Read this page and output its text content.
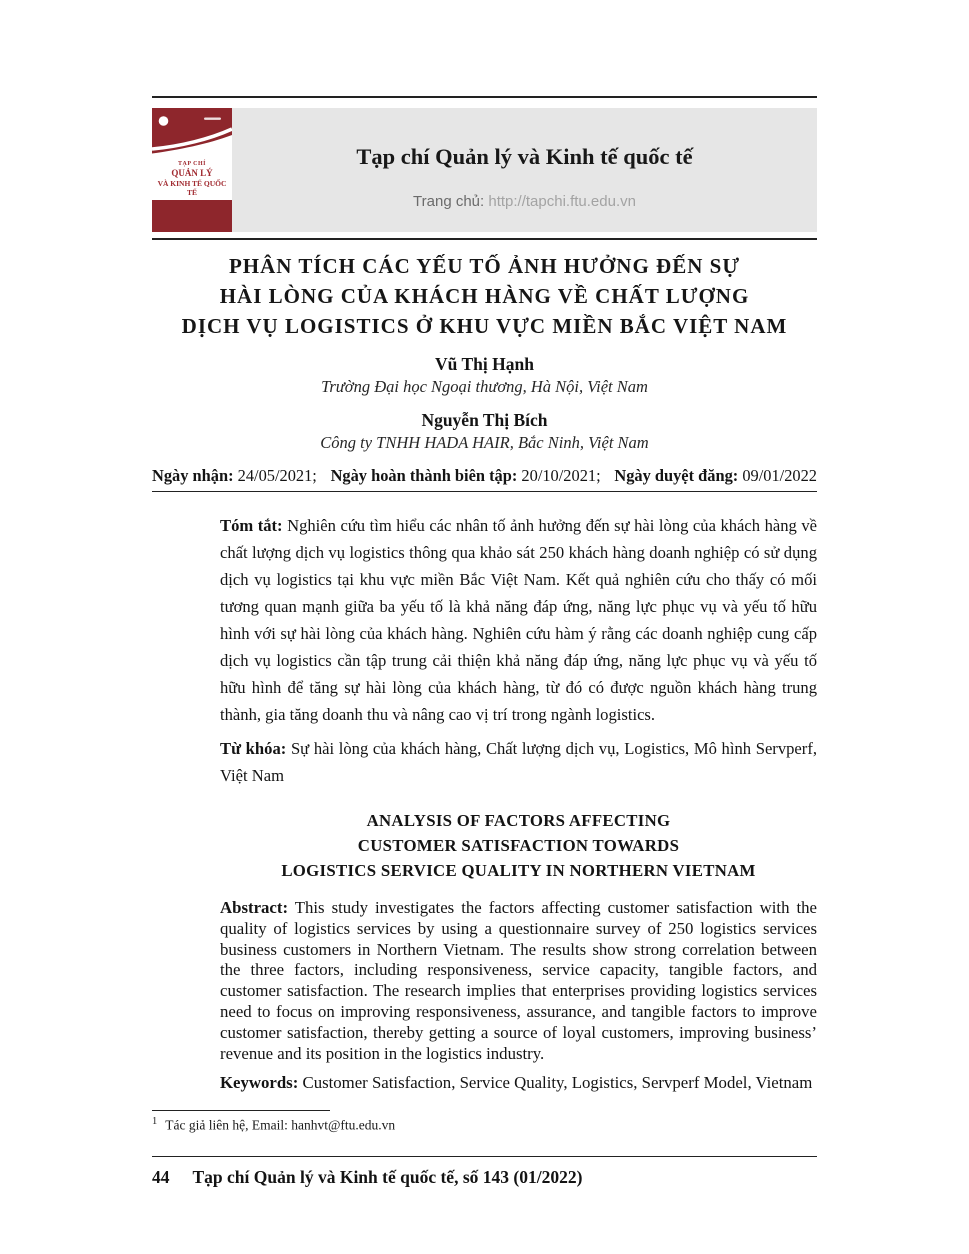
TẠP CHÍ
QUẢN LÝ
VÀ KINH TẾ QUỐC TẾ
Tạp chí Quản lý và Kinh tế quốc tế
Trang chủ: http://tapchi.ftu.edu.vn
PHÂN TÍCH CÁC YẾU TỐ ẢNH HƯỞNG ĐẾN SỰ
HÀI LÒNG CỦA KHÁCH HÀNG VỀ CHẤT LƯỢNG
DỊCH VỤ LOGISTICS Ở KHU VỰC MIỀN BẮC VIỆT NAM
Vũ Thị Hạnh
Trường Đại học Ngoại thương, Hà Nội, Việt Nam
Nguyễn Thị Bích
Công ty TNHH HADA HAIR, Bắc Ninh, Việt Nam
Ngày nhận: 24/05/2021; Ngày hoàn thành biên tập: 20/10/2021; Ngày duyệt đăng: 09/01/2022

Tóm tắt: Nghiên cứu tìm hiểu các nhân tố ảnh hưởng đến sự hài lòng của khách hàng về chất lượng dịch vụ logistics thông qua khảo sát 250 khách hàng doanh nghiệp có sử dụng dịch vụ logistics tại khu vực miền Bắc Việt Nam. Kết quả nghiên cứu cho thấy có mối tương quan mạnh giữa ba yếu tố là khả năng đáp ứng, năng lực phục vụ và yếu tố hữu hình với sự hài lòng của khách hàng. Nghiên cứu hàm ý rằng các doanh nghiệp cung cấp dịch vụ logistics cần tập trung cải thiện khả năng đáp ứng, năng lực phục vụ và yếu tố hữu hình để tăng sự hài lòng của khách hàng, từ đó có được nguồn khách hàng trung thành, gia tăng doanh thu và nâng cao vị trí trong ngành logistics.

Từ khóa: Sự hài lòng của khách hàng, Chất lượng dịch vụ, Logistics, Mô hình Servperf, Việt Nam

ANALYSIS OF FACTORS AFFECTING
CUSTOMER SATISFACTION TOWARDS
LOGISTICS SERVICE QUALITY IN NORTHERN VIETNAM

Abstract: This study investigates the factors affecting customer satisfaction with the quality of logistics services by using a questionnaire survey of 250 logistics services business customers in Northern Vietnam. The results show strong correlation between the three factors, including responsiveness, service capacity, tangible factors, and customer satisfaction. The research implies that enterprises providing logistics services need to focus on improving responsiveness, assurance, and tangible factors to improve customer satisfaction, thereby getting a source of loyal customers, improving business’ revenue and its position in the logistics industry.

Keywords: Customer Satisfaction, Service Quality, Logistics, Servperf Model, Vietnam

$^1$ Tác giả liên hệ, Email: hanhvt@ftu.edu.vn
44 Tạp chí Quản lý và Kinh tế quốc tế, số 143 (01/2022)
